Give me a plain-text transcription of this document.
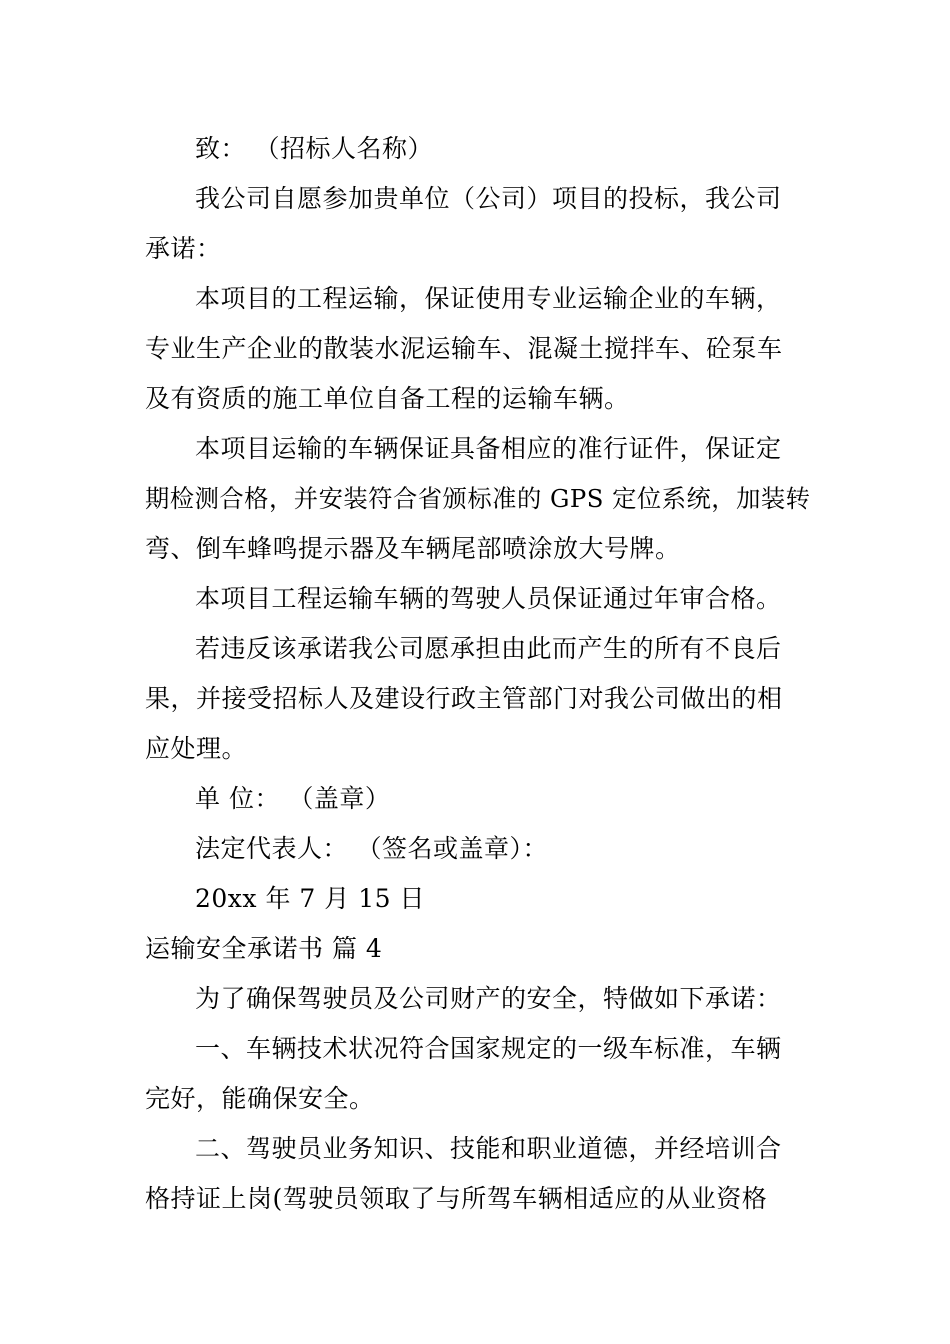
致： （招标人名称）
我公司自愿参加贵单位（公司）项目的投标，我公司
承诺：
本项目的工程运输，保证使用专业运输企业的车辆，
专业生产企业的散装水泥运输车、混凝土搅拌车、砼泵车
及有资质的施工单位自备工程的运输车辆。
本项目运输的车辆保证具备相应的准行证件，保证定
期检测合格，并安装符合省颁标准的 GPS 定位系统，加装转
弯、倒车蜂鸣提示器及车辆尾部喷涂放大号牌。
本项目工程运输车辆的驾驶人员保证通过年审合格。
若违反该承诺我公司愿承担由此而产生的所有不良后
果，并接受招标人及建设行政主管部门对我公司做出的相
应处理。
单 位： （盖章）
法定代表人： （签名或盖章）：
20xx 年 7 月 15 日
运输安全承诺书 篇 4
为了确保驾驶员及公司财产的安全，特做如下承诺：
一、车辆技术状况符合国家规定的一级车标准，车辆
完好，能确保安全。
二、驾驶员业务知识、技能和职业道德，并经培训合
格持证上岗(驾驶员领取了与所驾车辆相适应的从业资格
